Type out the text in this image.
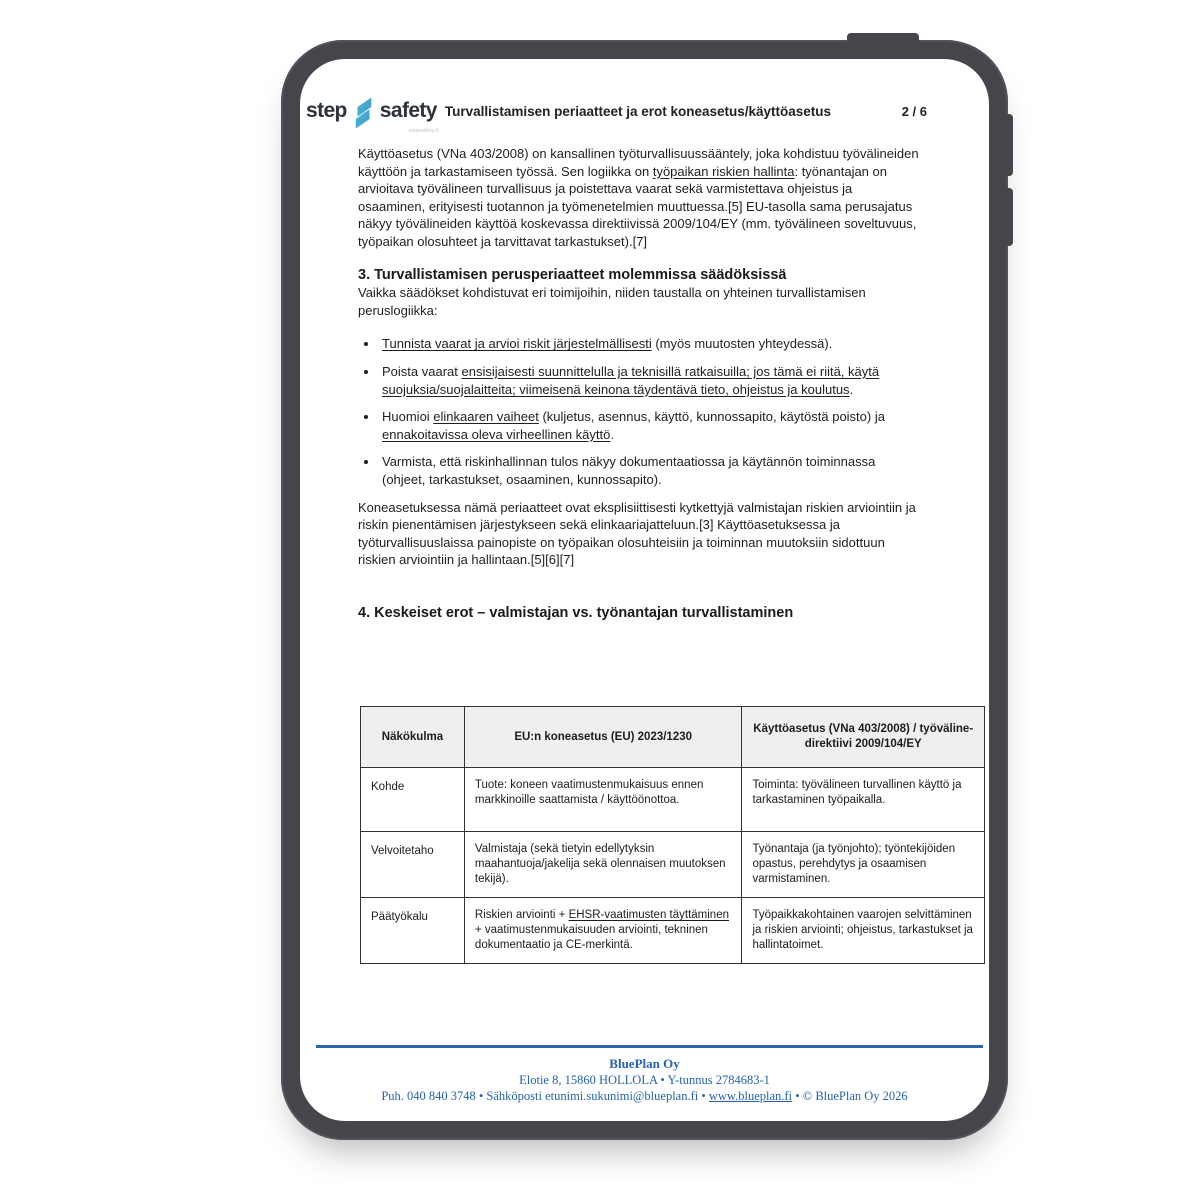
step safety
stepsafety.fi
Turvallistamisen periaatteet ja erot koneasetus/käyttöasetus	2 / 6

Käyttöasetus (VNa 403/2008) on kansallinen työturvallisuussääntely, joka kohdistuu työvälineiden käyttöön ja tarkastamiseen työssä. Sen logiikka on työpaikan riskien hallinta: työnantajan on arvioitava työvälineen turvallisuus ja poistettava vaarat sekä varmistettava ohjeistus ja osaaminen, erityisesti tuotannon ja työmenetelmien muuttuessa.[5] EU-tasolla sama perusajatus näkyy työvälineiden käyttöä koskevassa direktiivissä 2009/104/EY (mm. työvälineen soveltuvuus, työpaikan olosuhteet ja tarvittavat tarkastukset).[7]

3. Turvallistamisen perusperiaatteet molemmissa säädöksissä

Vaikka säädökset kohdistuvat eri toimijoihin, niiden taustalla on yhteinen turvallistamisen peruslogiikka:

• Tunnista vaarat ja arvioi riskit järjestelmällisesti (myös muutosten yhteydessä).
• Poista vaarat ensisijaisesti suunnittelulla ja teknisillä ratkaisuilla; jos tämä ei riitä, käytä suojuksia/suojalaitteita; viimeisenä keinona täydentävä tieto, ohjeistus ja koulutus.
• Huomioi elinkaaren vaiheet (kuljetus, asennus, käyttö, kunnossapito, käytöstä poisto) ja ennakoitavissa oleva virheellinen käyttö.
• Varmista, että riskinhallinnan tulos näkyy dokumentaatiossa ja käytännön toiminnassa (ohjeet, tarkastukset, osaaminen, kunnossapito).

Koneasetuksessa nämä periaatteet ovat eksplisiittisesti kytkettyjä valmistajan riskien arviointiin ja riskin pienentämisen järjestykseen sekä elinkaariajatteluun.[3] Käyttöasetuksessa ja työturvallisuuslaissa painopiste on työpaikan olosuhteisiin ja toiminnan muutoksiin sidottuun riskien arviointiin ja hallintaan.[5][6][7]

4. Keskeiset erot – valmistajan vs. työnantajan turvallistaminen
Näkökulma	EU:n koneasetus (EU) 2023/1230	Käyttöasetus (VNa 403/2008) / työväline-direktiivi 2009/104/EY
Kohde	Tuote: koneen vaatimustenmukaisuus ennen markkinoille saattamista / käyttöönottoa.	Toiminta: työvälineen turvallinen käyttö ja tarkastaminen työpaikalla.
Velvoitetaho	Valmistaja (sekä tietyin edellytyksin maahantuoja/jakelija sekä olennaisen muutoksen tekijä).	Työnantaja (ja työnjohto); työntekijöiden opastus, perehdytys ja osaamisen varmistaminen.
Päätyökalu	Riskien arviointi + EHSR-vaatimusten täyttäminen + vaatimustenmukaisuuden arviointi, tekninen dokumentaatio ja CE-merkintä.	Työpaikkakohtainen vaarojen selvittäminen ja riskien arviointi; ohjeistus, tarkastukset ja hallintatoimet.
BluePlan Oy
Elotie 8, 15860 HOLLOLA • Y-tunnus 2784683-1
Puh. 040 840 3748 • Sähköposti etunimi.sukunimi@blueplan.fi • www.blueplan.fi • © BluePlan Oy 2026
